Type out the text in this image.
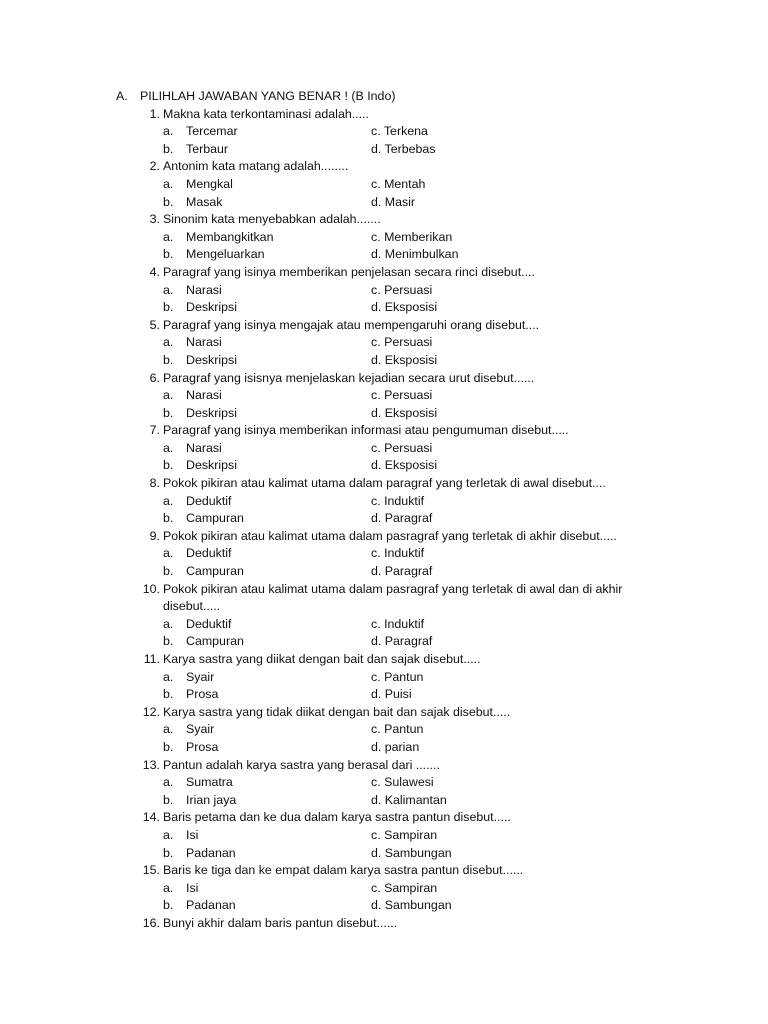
A. PILIHLAH JAWABAN YANG BENAR ! (B Indo)
1. Makna kata terkontaminasi adalah.....
a. Tercemar	c. Terkena
b. Terbaur	d. Terbebas
2. Antonim kata matang adalah........
a. Mengkal	c. Mentah
b. Masak	d. Masir
3. Sinonim kata menyebabkan adalah.......
a. Membangkitkan	c. Memberikan
b. Mengeluarkan	d. Menimbulkan
4. Paragraf yang isinya memberikan penjelasan secara rinci disebut....
a. Narasi	c. Persuasi
b. Deskripsi	d. Eksposisi
5. Paragraf yang isinya mengajak atau mempengaruhi orang disebut....
a. Narasi	c. Persuasi
b. Deskripsi	d. Eksposisi
6. Paragraf yang isisnya menjelaskan kejadian secara urut disebut......
a. Narasi	c. Persuasi
b. Deskripsi	d. Eksposisi
7. Paragraf yang isinya memberikan informasi atau pengumuman disebut.....
a. Narasi	c. Persuasi
b. Deskripsi	d. Eksposisi
8. Pokok pikiran atau kalimat utama dalam paragraf yang terletak di awal disebut....
a. Deduktif	c. Induktif
b. Campuran	d. Paragraf
9. Pokok pikiran atau kalimat utama dalam pasragraf yang terletak di akhir disebut.....
a. Deduktif	c. Induktif
b. Campuran	d. Paragraf
10. Pokok pikiran atau kalimat utama dalam pasragraf yang terletak di awal dan di akhir
disebut.....
a. Deduktif	c. Induktif
b. Campuran	d. Paragraf
11. Karya sastra yang diikat dengan bait dan sajak disebut.....
a. Syair	c. Pantun
b. Prosa	d. Puisi
12. Karya sastra yang tidak diikat dengan bait dan sajak disebut.....
a. Syair	c. Pantun
b. Prosa	d. parian
13. Pantun adalah karya sastra yang berasal dari .......
a. Sumatra	c. Sulawesi
b. Irian jaya	d. Kalimantan
14. Baris petama dan ke dua dalam karya sastra pantun disebut.....
a. Isi	c. Sampiran
b. Padanan	d. Sambungan
15. Baris ke tiga dan ke empat dalam karya sastra pantun disebut......
a. Isi	c. Sampiran
b. Padanan	d. Sambungan
16. Bunyi akhir dalam baris pantun disebut......
